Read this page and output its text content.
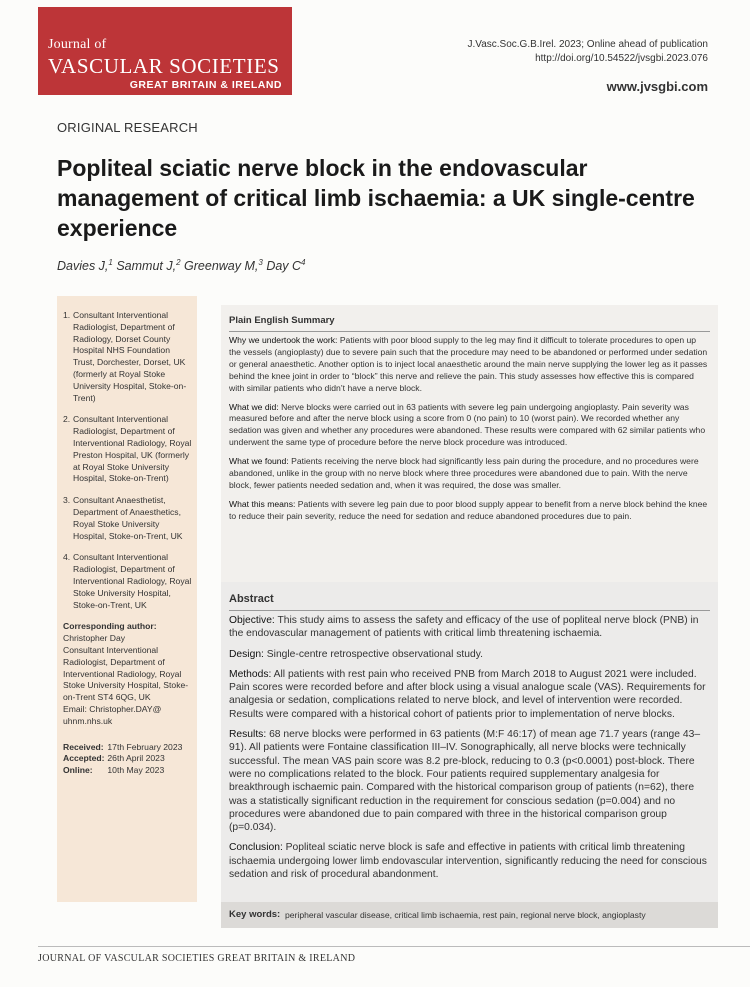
Journal of
VASCULAR SOCIETIES
GREAT BRITAIN & IRELAND
J.Vasc.Soc.G.B.Irel. 2023; Online ahead of publication
http://doi.org/10.54522/jvsgbi.2023.076
www.jvsgbi.com
ORIGINAL RESEARCH
Popliteal sciatic nerve block in the endovascular management of critical limb ischaemia: a UK single-centre experience
Davies J,$^1$ Sammut J,$^2$ Greenway M,$^3$ Day $C^4$
1. Consultant Interventional Radiologist, Department of Radiology, Dorset County Hospital NHS Foundation Trust, Dorchester, Dorset, UK (formerly at Royal Stoke University Hospital, Stoke-on-Trent)
2. Consultant Interventional Radiologist, Department of Interventional Radiology, Royal Preston Hospital, UK (formerly at Royal Stoke University Hospital, Stoke-on-Trent)
3. Consultant Anaesthetist, Department of Anaesthetics, Royal Stoke University Hospital, Stoke-on-Trent, UK
4. Consultant Interventional Radiologist, Department of Interventional Radiology, Royal Stoke University Hospital, Stoke-on-Trent, UK
Corresponding author:
Christopher Day
Consultant Interventional Radiologist, Department of Interventional Radiology, Royal Stoke University Hospital, Stoke-on-Trent ST4 6QG, UK
Email: Christopher.DAY@ uhnm.nhs.uk
Received: 17th February 2023
Accepted: 26th April 2023
Online: 10th May 2023
Plain English Summary

Why we undertook the work: Patients with poor blood supply to the leg may find it difficult to tolerate procedures to open up the vessels (angioplasty) due to severe pain such that the procedure may need to be abandoned or performed under sedation or general anaesthetic. Another option is to inject local anaesthetic around the main nerve supplying the lower leg as it passes behind the knee joint in order to “block” this nerve and relieve the pain. This study assesses how effective this is compared with similar patients who didn’t have a nerve block.

What we did: Nerve blocks were carried out in 63 patients with severe leg pain undergoing angioplasty. Pain severity was measured before and after the nerve block using a score from 0 (no pain) to 10 (worst pain). We recorded whether any sedation was given and whether any procedures were abandoned. These results were compared with 62 similar patients who underwent the same type of procedure before the nerve block procedure was introduced.

What we found: Patients receiving the nerve block had significantly less pain during the procedure, and no procedures were abandoned, unlike in the group with no nerve block where three procedures were abandoned due to pain. With the nerve block, fewer patients needed sedation and, when it was required, the dose was smaller.

What this means: Patients with severe leg pain due to poor blood supply appear to benefit from a nerve block behind the knee to reduce their pain severity, reduce the need for sedation and reduce abandoned procedures due to pain.

Abstract

Objective: This study aims to assess the safety and efficacy of the use of popliteal nerve block (PNB) in the endovascular management of patients with critical limb threatening ischaemia.

Design: Single-centre retrospective observational study.

Methods: All patients with rest pain who received PNB from March 2018 to August 2021 were included. Pain scores were recorded before and after block using a visual analogue scale (VAS). Requirements for analgesia or sedation, complications related to nerve block, and level of intervention were recorded. Results were compared with a historical cohort of patients prior to implementation of nerve blocks.

Results: 68 nerve blocks were performed in 63 patients (M:F 46:17) of mean age 71.7 years (range 43–91). All patients were Fontaine classification III–IV. Sonographically, all nerve blocks were technically successful. The mean VAS pain score was 8.2 pre-block, reducing to 0.3 (p<0.0001) post-block. There were no complications related to the block. Four patients required supplementary analgesia for breakthrough ischaemic pain. Compared with the historical comparison group of patients (n=62), there was a statistically significant reduction in the requirement for conscious sedation (p=0.004) and no procedures were abandoned due to pain compared with three in the historical comparison group (p=0.034).

Conclusion: Popliteal sciatic nerve block is safe and effective in patients with critical limb threatening ischaemia undergoing lower limb endovascular intervention, significantly reducing the need for conscious sedation and risk of procedural abandonment.

Key words: peripheral vascular disease, critical limb ischaemia, rest pain, regional nerve block, angioplasty
JOURNAL OF VASCULAR SOCIETIES GREAT BRITAIN & IRELAND
